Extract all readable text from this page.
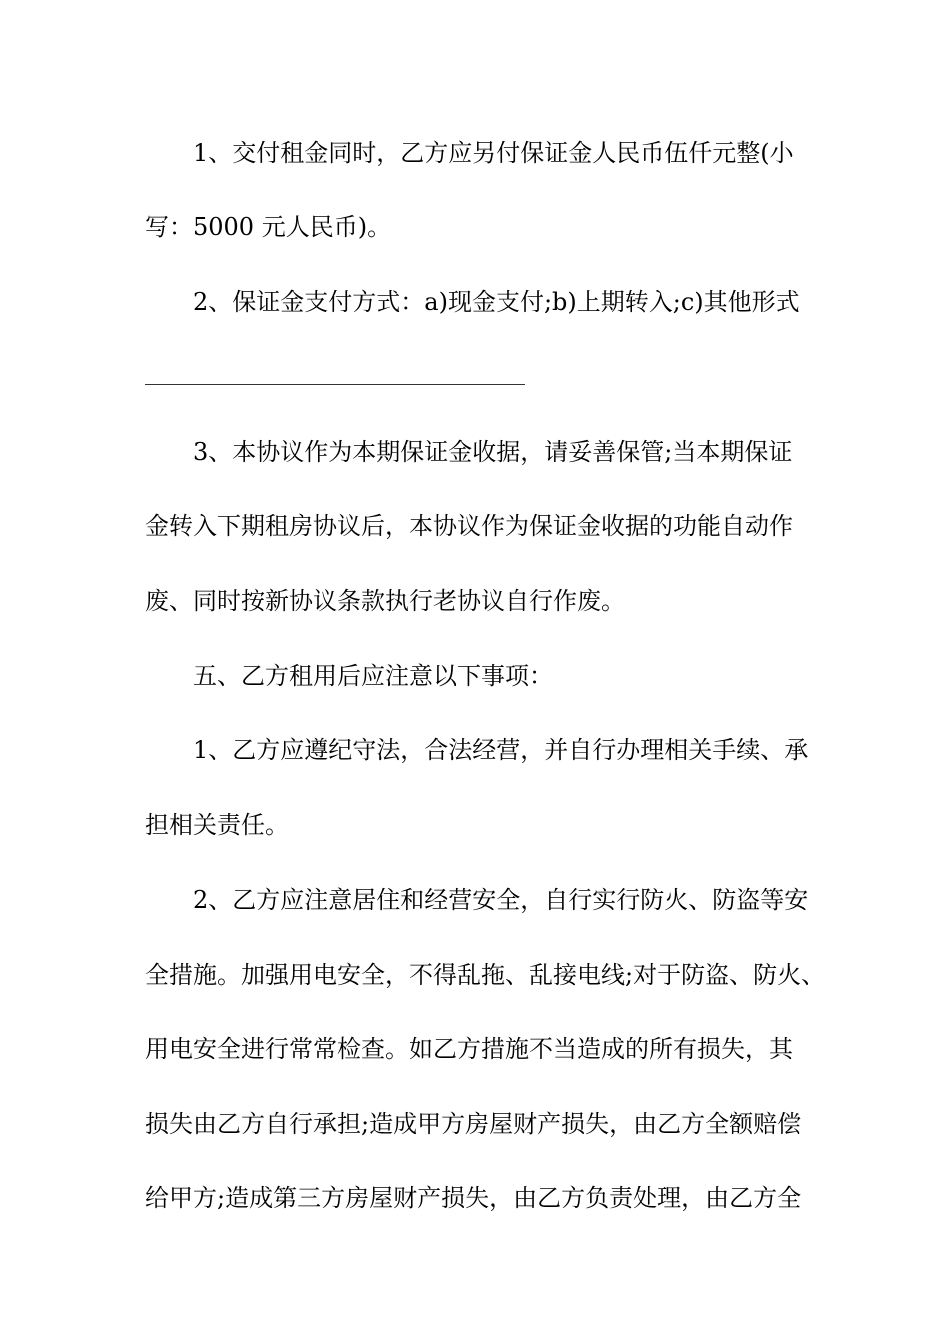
1、交付租金同时，乙方应另付保证金人民币伍仟元整(小
写：5000 元人民币)。
2、保证金支付方式：a)现金支付;b)上期转入;c)其他形式
3、本协议作为本期保证金收据，请妥善保管;当本期保证
金转入下期租房协议后，本协议作为保证金收据的功能自动作
废、同时按新协议条款执行老协议自行作废。
五、乙方租用后应注意以下事项：
1、乙方应遵纪守法，合法经营，并自行办理相关手续、承
担相关责任。
2、乙方应注意居住和经营安全，自行实行防火、防盗等安
全措施。加强用电安全，不得乱拖、乱接电线;对于防盗、防火、
用电安全进行常常检查。如乙方措施不当造成的所有损失，其
损失由乙方自行承担;造成甲方房屋财产损失，由乙方全额赔偿
给甲方;造成第三方房屋财产损失，由乙方负责处理，由乙方全
